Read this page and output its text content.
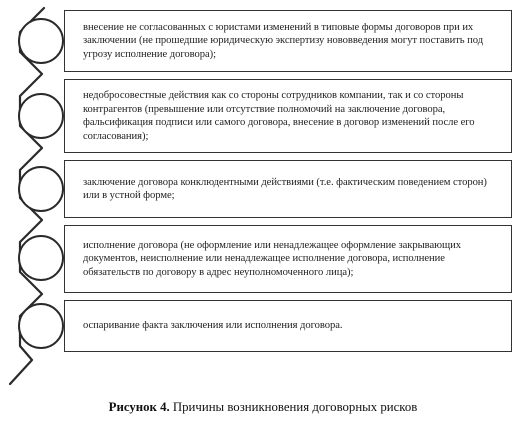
внесение не согласованных с юристами изменений в типовые формы договоров при их заключении (не прошедшие юридическую экспертизу нововведения могут поставить под угрозу исполнение договора);
недобросовестные действия как со стороны сотрудников компании, так и со стороны контрагентов (превышение или отсутствие полномочий на заключение договора, фальсификация подписи или самого договора, внесение в договор изменений после его согласования);
заключение договора конклюдентными действиями (т.е. фактическим поведением сторон) или в устной форме;
исполнение договора (не оформление или ненадлежащее оформление закрывающих документов, неисполнение или ненадлежащее исполнение договора, исполнение обязательств по договору в адрес неуполномоченного лица);
оспаривание факта заключения или исполнения договора.
Рисунок 4. Причины возникновения договорных рисков
